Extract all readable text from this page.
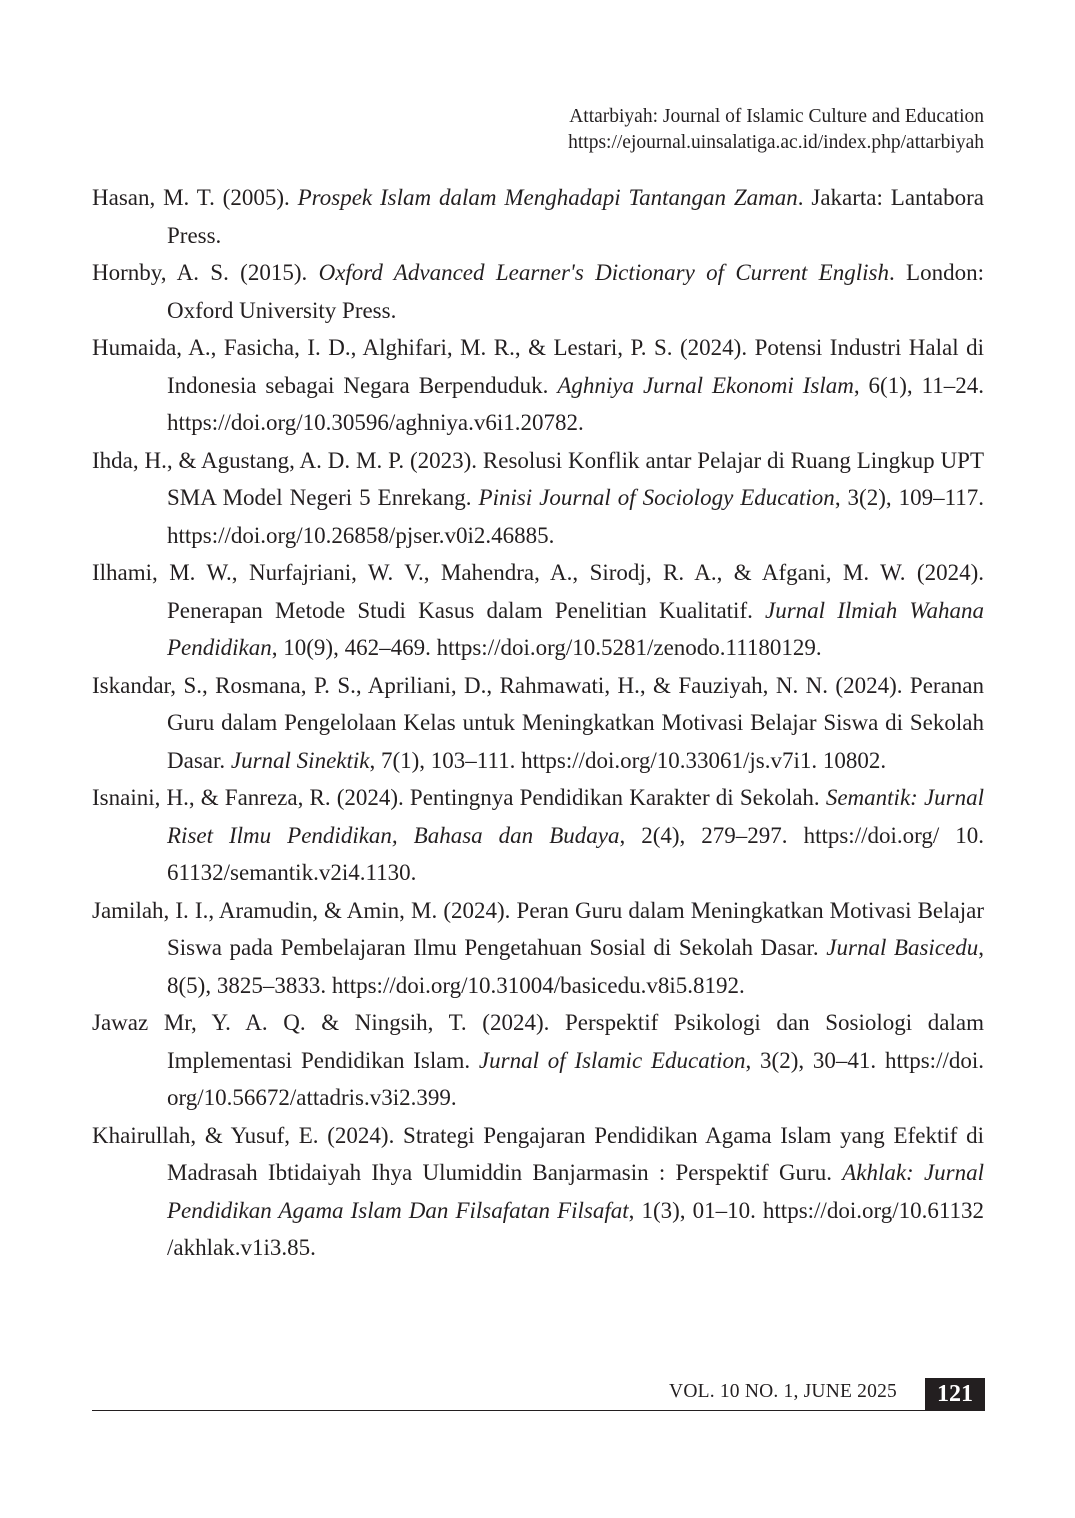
Attarbiyah: Journal of Islamic Culture and Education
https://ejournal.uinsalatiga.ac.id/index.php/attarbiyah

Hasan, M. T. (2005). Prospek Islam dalam Menghadapi Tantangan Zaman. Jakarta: Lantabora Press.

Hornby, A. S. (2015). Oxford Advanced Learner's Dictionary of Current English. London: Oxford University Press.

Humaida, A., Fasicha, I. D., Alghifari, M. R., & Lestari, P. S. (2024). Potensi Industri Halal di Indonesia sebagai Negara Berpenduduk. Aghniya Jurnal Ekonomi Islam, 6(1), 11–24. https://doi.org/10.30596/aghniya.v6i1.20782.

Ihda, H., & Agustang, A. D. M. P. (2023). Resolusi Konflik antar Pelajar di Ruang Lingkup UPT SMA Model Negeri 5 Enrekang. Pinisi Journal of Sociology Education, 3(2), 109–117. https://doi.org/10.26858/pjser.v0i2.46885.

Ilhami, M. W., Nurfajriani, W. V., Mahendra, A., Sirodj, R. A., & Afgani, M. W. (2024). Penerapan Metode Studi Kasus dalam Penelitian Kualitatif. Jurnal Ilmiah Wahana Pendidikan, 10(9), 462–469. https://doi.org/10.5281/zenodo.11180129.

Iskandar, S., Rosmana, P. S., Apriliani, D., Rahmawati, H., & Fauziyah, N. N. (2024). Peranan Guru dalam Pengelolaan Kelas untuk Meningkatkan Motivasi Belajar Siswa di Sekolah Dasar. Jurnal Sinektik, 7(1), 103–111. https://doi.org/10.33061/js.v7i1. 10802.

Isnaini, H., & Fanreza, R. (2024). Pentingnya Pendidikan Karakter di Sekolah. Semantik: Jurnal Riset Ilmu Pendidikan, Bahasa dan Budaya, 2(4), 279–297. https://doi.org/ 10. 61132/semantik.v2i4.1130.

Jamilah, I. I., Aramudin, & Amin, M. (2024). Peran Guru dalam Meningkatkan Motivasi Belajar Siswa pada Pembelajaran Ilmu Pengetahuan Sosial di Sekolah Dasar. Jurnal Basicedu, 8(5), 3825–3833. https://doi.org/10.31004/basicedu.v8i5.8192.

Jawaz Mr, Y. A. Q. & Ningsih, T. (2024). Perspektif Psikologi dan Sosiologi dalam Implementasi Pendidikan Islam. Jurnal of Islamic Education, 3(2), 30–41. https://doi. org/10.56672/attadris.v3i2.399.

Khairullah, & Yusuf, E. (2024). Strategi Pengajaran Pendidikan Agama Islam yang Efektif di Madrasah Ibtidaiyah Ihya Ulumiddin Banjarmasin : Perspektif Guru. Akhlak: Jurnal Pendidikan Agama Islam Dan Filsafatan Filsafat, 1(3), 01–10. https://doi.org/10.61132 /akhlak.v1i3.85.

VOL. 10 NO. 1, JUNE 2025	121
